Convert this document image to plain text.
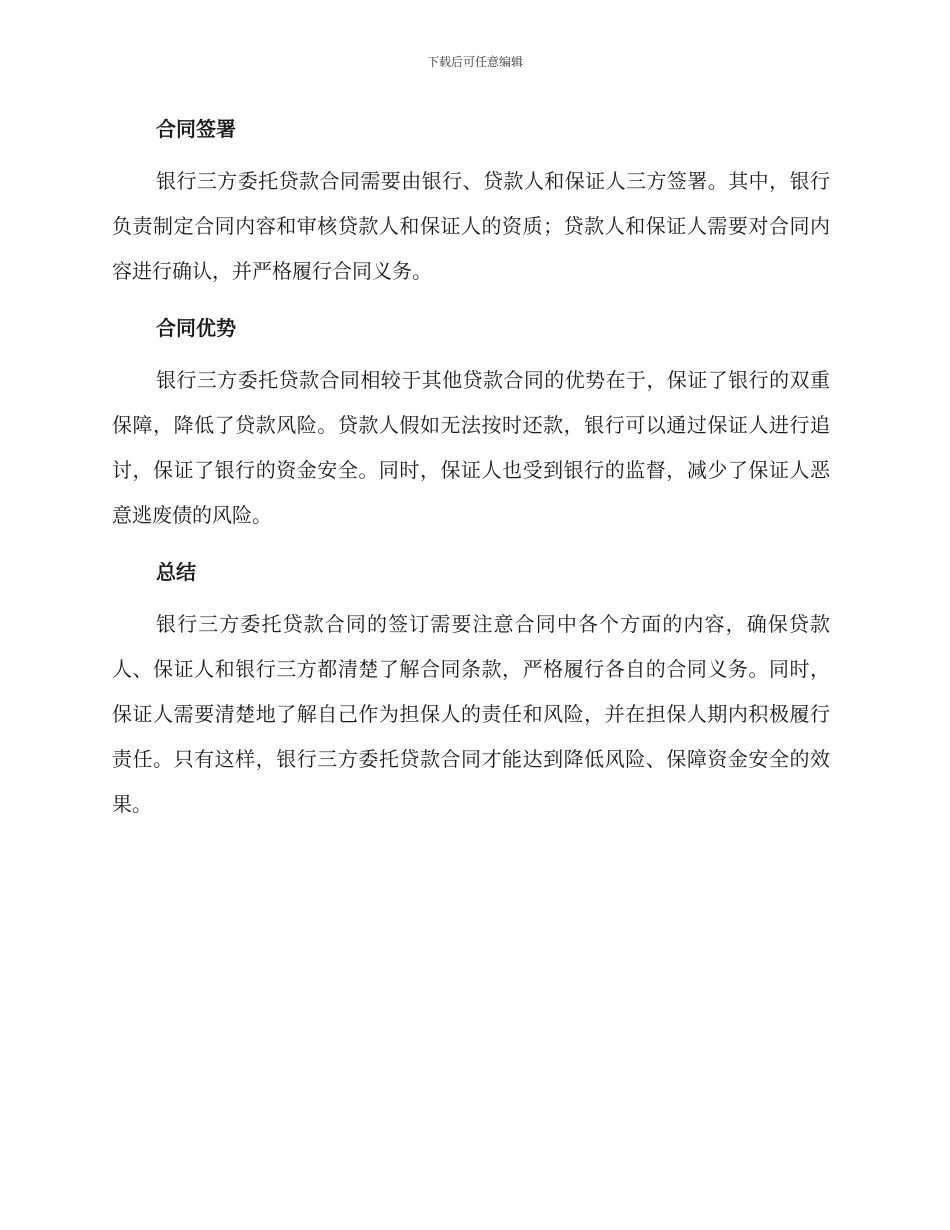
下载后可任意编辑
合同签署

银行三方委托贷款合同需要由银行、贷款人和保证人三方签署。其中，银行负责制定合同内容和审核贷款人和保证人的资质；贷款人和保证人需要对合同内容进行确认，并严格履行合同义务。

合同优势

银行三方委托贷款合同相较于其他贷款合同的优势在于，保证了银行的双重保障，降低了贷款风险。贷款人假如无法按时还款，银行可以通过保证人进行追讨，保证了银行的资金安全。同时，保证人也受到银行的监督，减少了保证人恶意逃废债的风险。

总结

银行三方委托贷款合同的签订需要注意合同中各个方面的内容，确保贷款人、保证人和银行三方都清楚了解合同条款，严格履行各自的合同义务。同时，保证人需要清楚地了解自己作为担保人的责任和风险，并在担保人期内积极履行责任。只有这样，银行三方委托贷款合同才能达到降低风险、保障资金安全的效果。
